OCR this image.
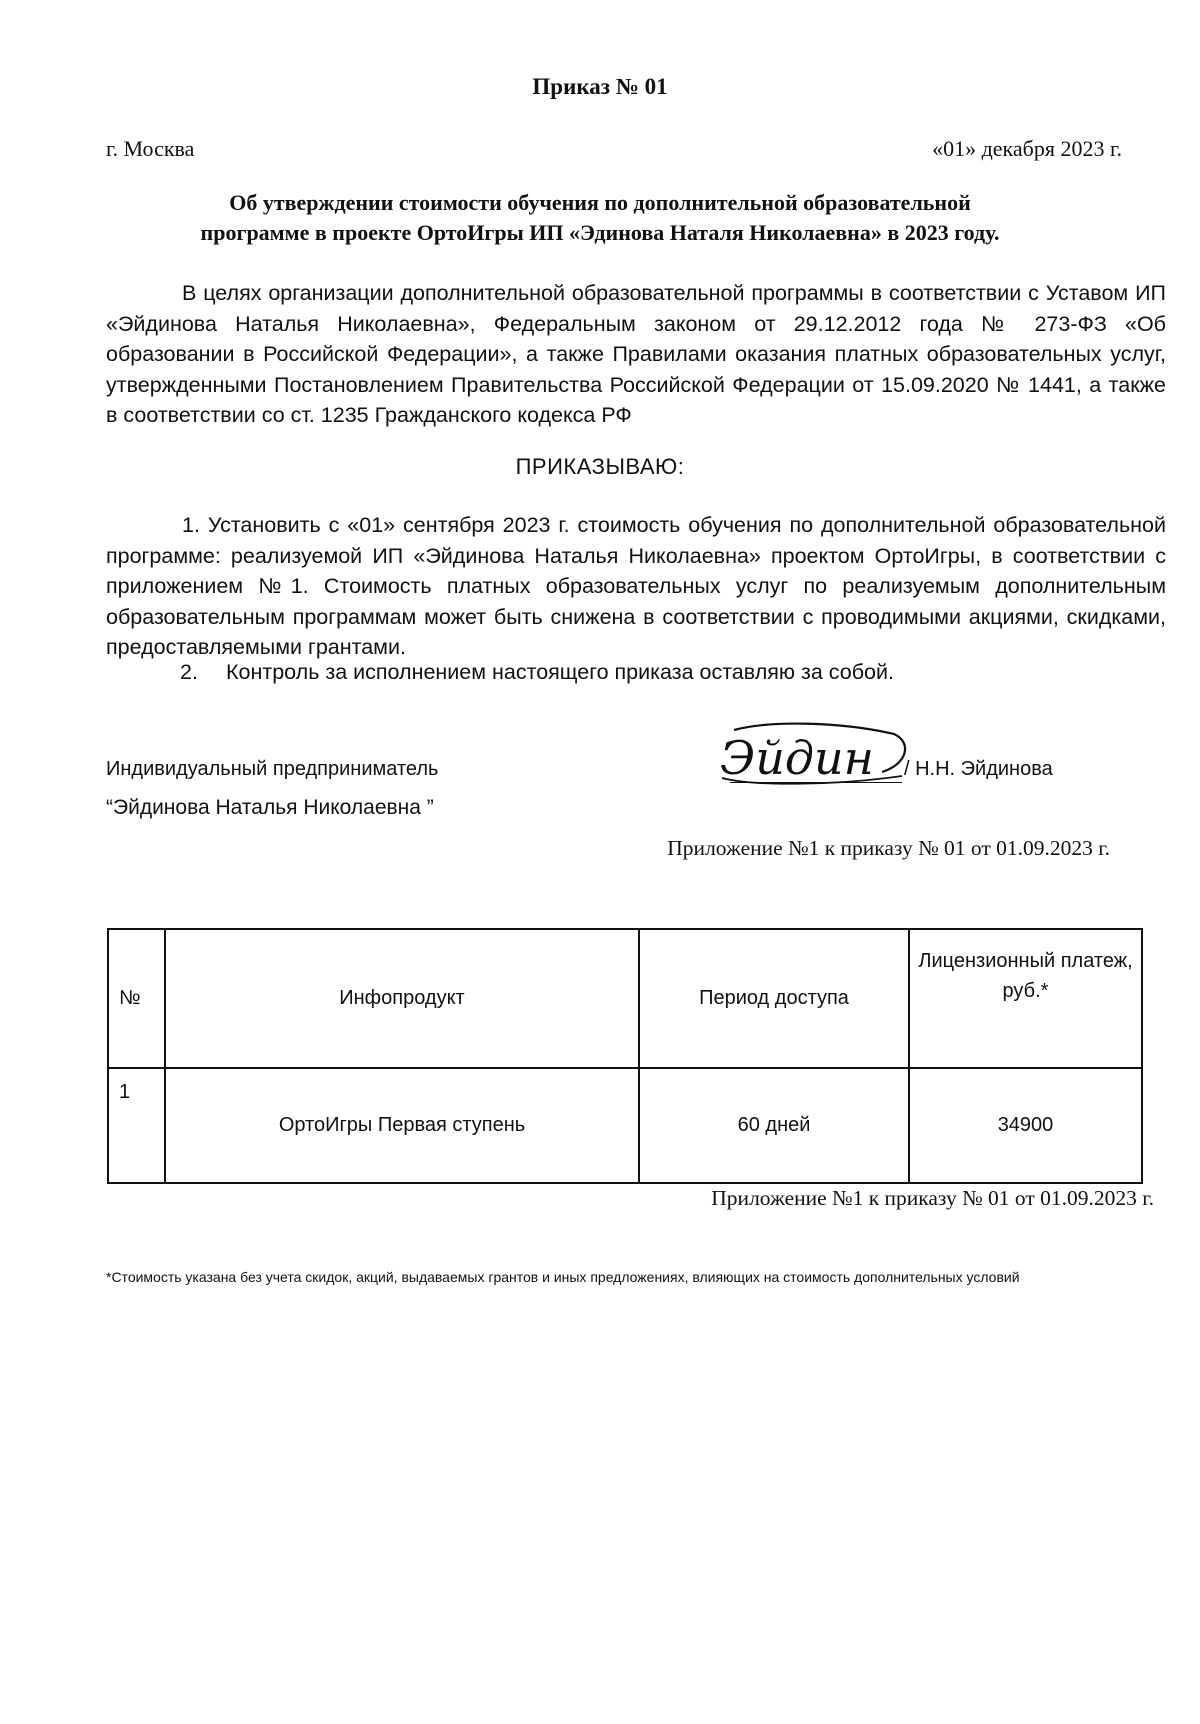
Приказ № 01
г. Москва	«01» декабря 2023 г.
Об утверждении стоимости обучения по дополнительной образовательной
программе в проекте ОртоИгры ИП «Эдинова Наталя Николаевна» в 2023 году.
В целях организации дополнительной образовательной программы в соответствии с Уставом ИП «Эйдинова Наталья Николаевна», Федеральным законом от 29.12.2012 года № 273-ФЗ «Об образовании в Российской Федерации», а также Правилами оказания платных образовательных услуг, утвержденными Постановлением Правительства Российской Федерации от 15.09.2020 № 1441, а также в соответствии со ст. 1235 Гражданского кодекса РФ
ПРИКАЗЫВАЮ:
1. Установить с «01» сентября 2023 г. стоимость обучения по дополнительной образовательной программе: реализуемой ИП «Эйдинова Наталья Николаевна» проектом ОртоИгры, в соответствии с приложением №1. Стоимость платных образовательных услуг по реализуемым дополнительным образовательным программам может быть снижена в соответствии с проводимыми акциями, скидками, предоставляемыми грантами.
2. Контроль за исполнением настоящего приказа оставляю за собой.
Индивидуальный предприниматель
“Эйдинова Наталья Николаевна ”
Эйдин / Н.Н. Эйдинова
Приложение №1 к приказу № 01 от 01.09.2023 г.
№	Инфопродукт	Период доступа	Лицензионный платеж,
руб.*

1	ОртоИгры Первая ступень	60 дней	34900
Приложение №1 к приказу № 01 от 01.09.2023 г.
*Стоимость указана без учета скидок, акций, выдаваемых грантов и иных предложениях, влияющих на стоимость дополнительных условий
